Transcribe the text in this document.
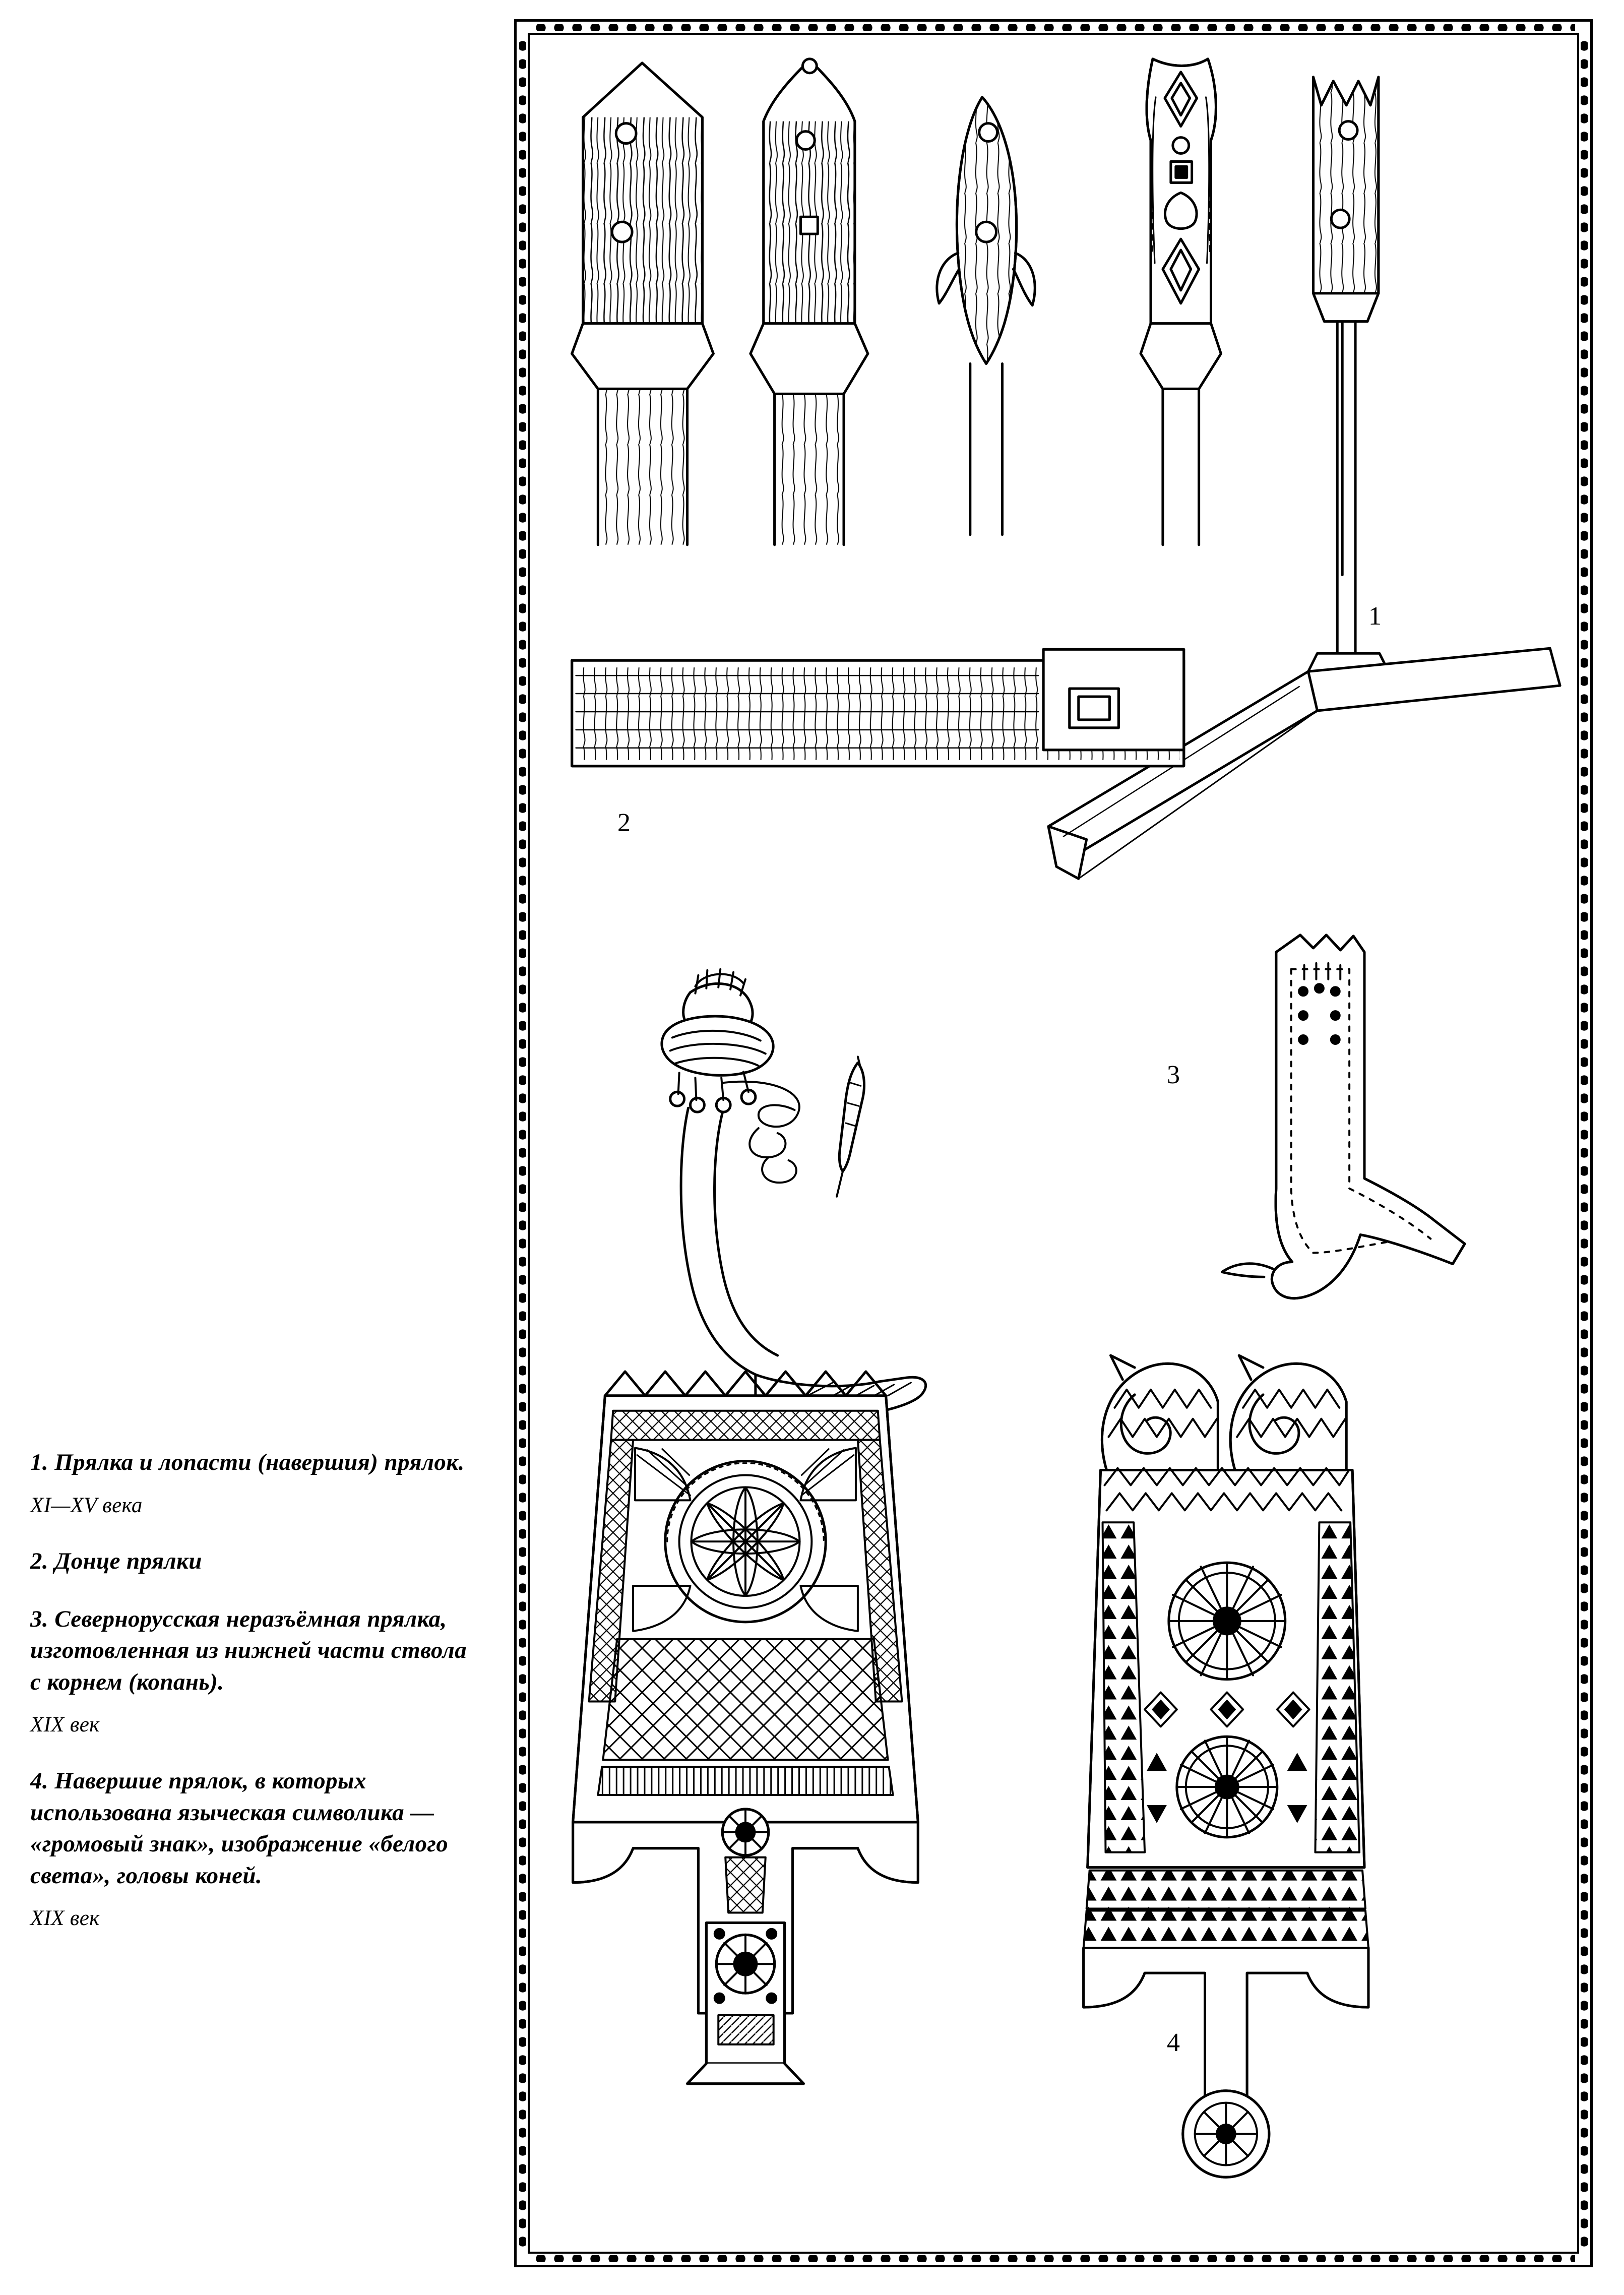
1. Прялка и лопасти (навершия) прялок.
XI—XV века
2. Донце прялки
3. Севернорусская неразъёмная прялка, изготовленная из нижней части ствола с корнем (копань).
XIX век
4. Навершие прялок, в которых использована языческая символика — «громовый знак», изображение «белого света», головы коней.
XIX век
1
2
3
4
